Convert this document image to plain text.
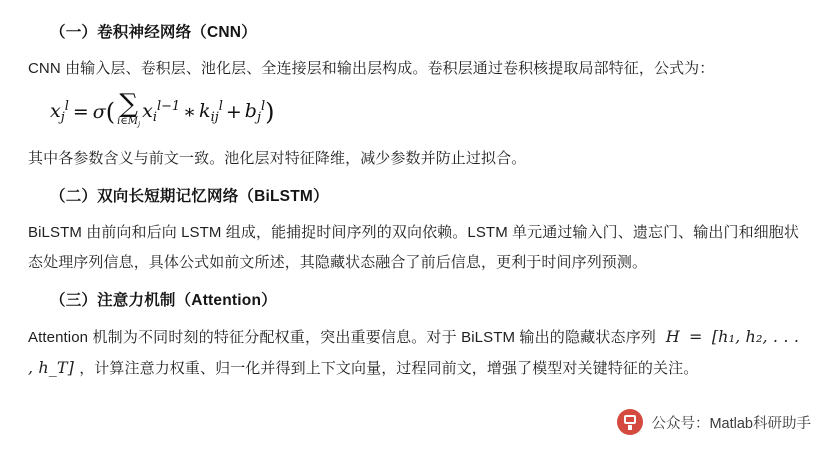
（一）卷积神经网络（CNN）
CNN 由输入层、卷积层、池化层、全连接层和输出层构成。卷积层通过卷积核提取局部特征，公式为：
$x_j^l = \sigma$ ( ∑
$i\in M_j$
$x_i^{l-1}$ ∗ $k_{ij}^l + b_j^l$ )
其中各参数含义与前文一致。池化层对特征降维，减少参数并防止过拟合。
（二）双向长短期记忆网络（BiLSTM）
BiLSTM 由前向和后向 LSTM 组成，能捕捉时间序列的双向依赖。LSTM 单元通过输入门、遗忘门、输出门和细胞状态处理序列信息，具体公式如前文所述，其隐藏状态融合了前后信息，更利于时间序列预测。
（三）注意力机制（Attention）
Attention 机制为不同时刻的特征分配权重，突出重要信息。对于 BiLSTM 输出的隐藏状态序列 H = [h₁, h₂, . . . , h_T] ，计算注意力权重、归一化并得到上下文向量，过程同前文，增强了模型对关键特征的关注。
公众号：Matlab科研助手
